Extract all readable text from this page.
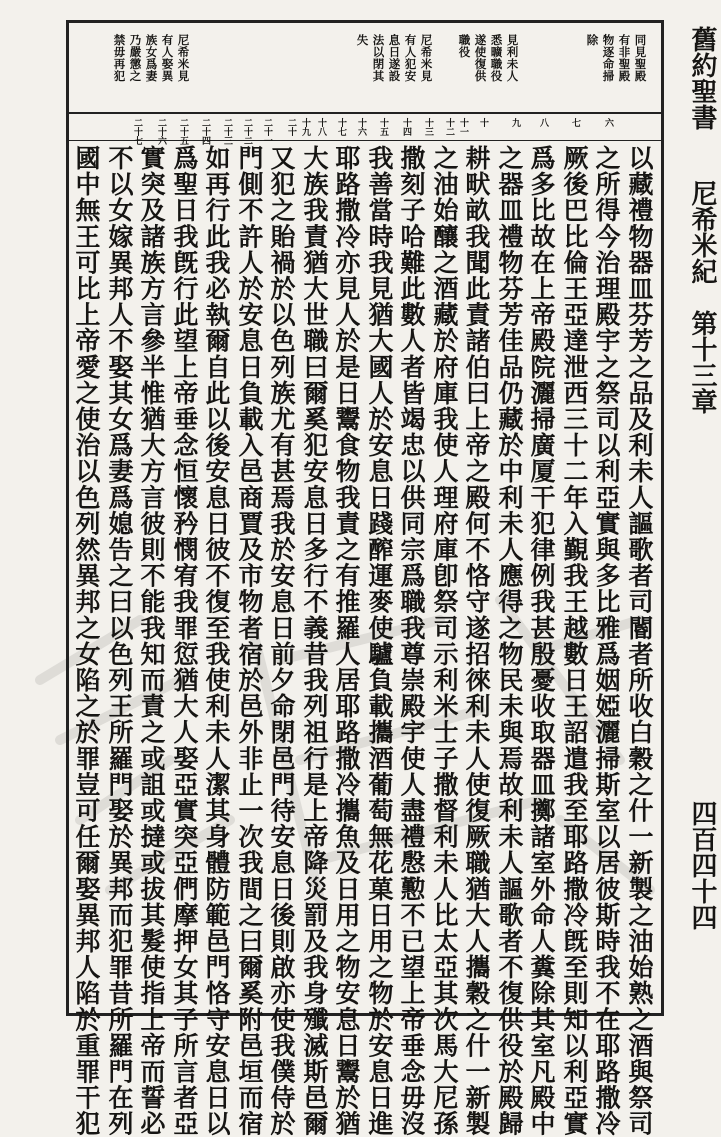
舊約聖書
尼希米紀　第十三章
四百四十四
同見聖殿
有非聖殿
物逐命掃
除
見利未人
悉曠職役
遂使復供
職役
尼希米見
有人犯安
息日遂設
法以閉其
失
尼希米見
有人娶異
族女爲妻
乃嚴懲之
禁毋再犯
六
七
八
九
十
十一
十二
十三
十四
十五
十六
十七
十八
十九
二十
二十一
二十二
二十三
二十四
二十五
二十六
二十七
以藏禮物器皿芬芳之品及利未人謳歌者司閽者所收白穀之什一新製之油始熟之酒與祭司
之所得今治理殿宇之祭司以利亞實與多比雅爲姻婭灑掃斯室以居彼斯時我不在耶路撒冷
厥後巴比倫王亞達泄西三十二年入覲我王越數日王詔遣我至耶路撒冷旣至則知以利亞實
爲多比故在上帝殿院灑掃廣厦干犯律例我甚殷憂收取器皿擲諸室外命人糞除其室凡殿中
之器皿禮物芬芳佳品仍藏於中利未人應得之物民未與焉故利未人謳歌者不復供役於殿歸
耕畎畝我聞此責諸伯曰上帝之殿何不恪守遂招徠利未人使復厥職猶大人攜穀之什一新製
之油始釀之酒藏於府庫我使人理府庫卽祭司示利米士子撒督利未人比太亞其次馬大尼孫
撒刻子哈難此數人者皆竭忠以供同宗爲職我尊崇殿宇使人盡禮慇懃不已望上帝垂念毋沒
我善當時我見猶大國人於安息日踐醡運麥使驢負載攜酒葡萄無花菓日用之物於安息日進
耶路撒冷亦見人於是日鬻食物我責之有推羅人居耶路撒冷攜魚及日用之物安息日鬻於猶
大族我責猶大世職曰爾奚犯安息日多行不義昔我列祖行是上帝降災罰及我身殲滅斯邑爾
又犯之貽禍於以色列族尤有甚焉我於安息日前夕命閉邑門待安息日後則啟亦使我僕侍於
門側不許人於安息日負載入邑商賈及市物者宿於邑外非止一次我間之曰爾奚附邑垣而宿
如再行此我必執爾自此以後安息日彼不復至我使利未人潔其身體防範邑門恪守安息日以
爲聖日我旣行此望上帝垂念恒懷矜憫宥我罪愆猶大人娶亞實突亞們摩押女其子所言者亞
實突及諸族方言參半惟猶大方言彼則不能我知而責之或詛或撻或拔其髮使指上帝而誓必
不以女嫁異邦人不娶其女爲妻爲媳告之曰以色列王所羅門娶於異邦而犯罪昔所羅門在列
國中無王可比上帝愛之使治以色列然異邦之女陷之於罪豈可任爾娶異邦人陷於重罪干犯
